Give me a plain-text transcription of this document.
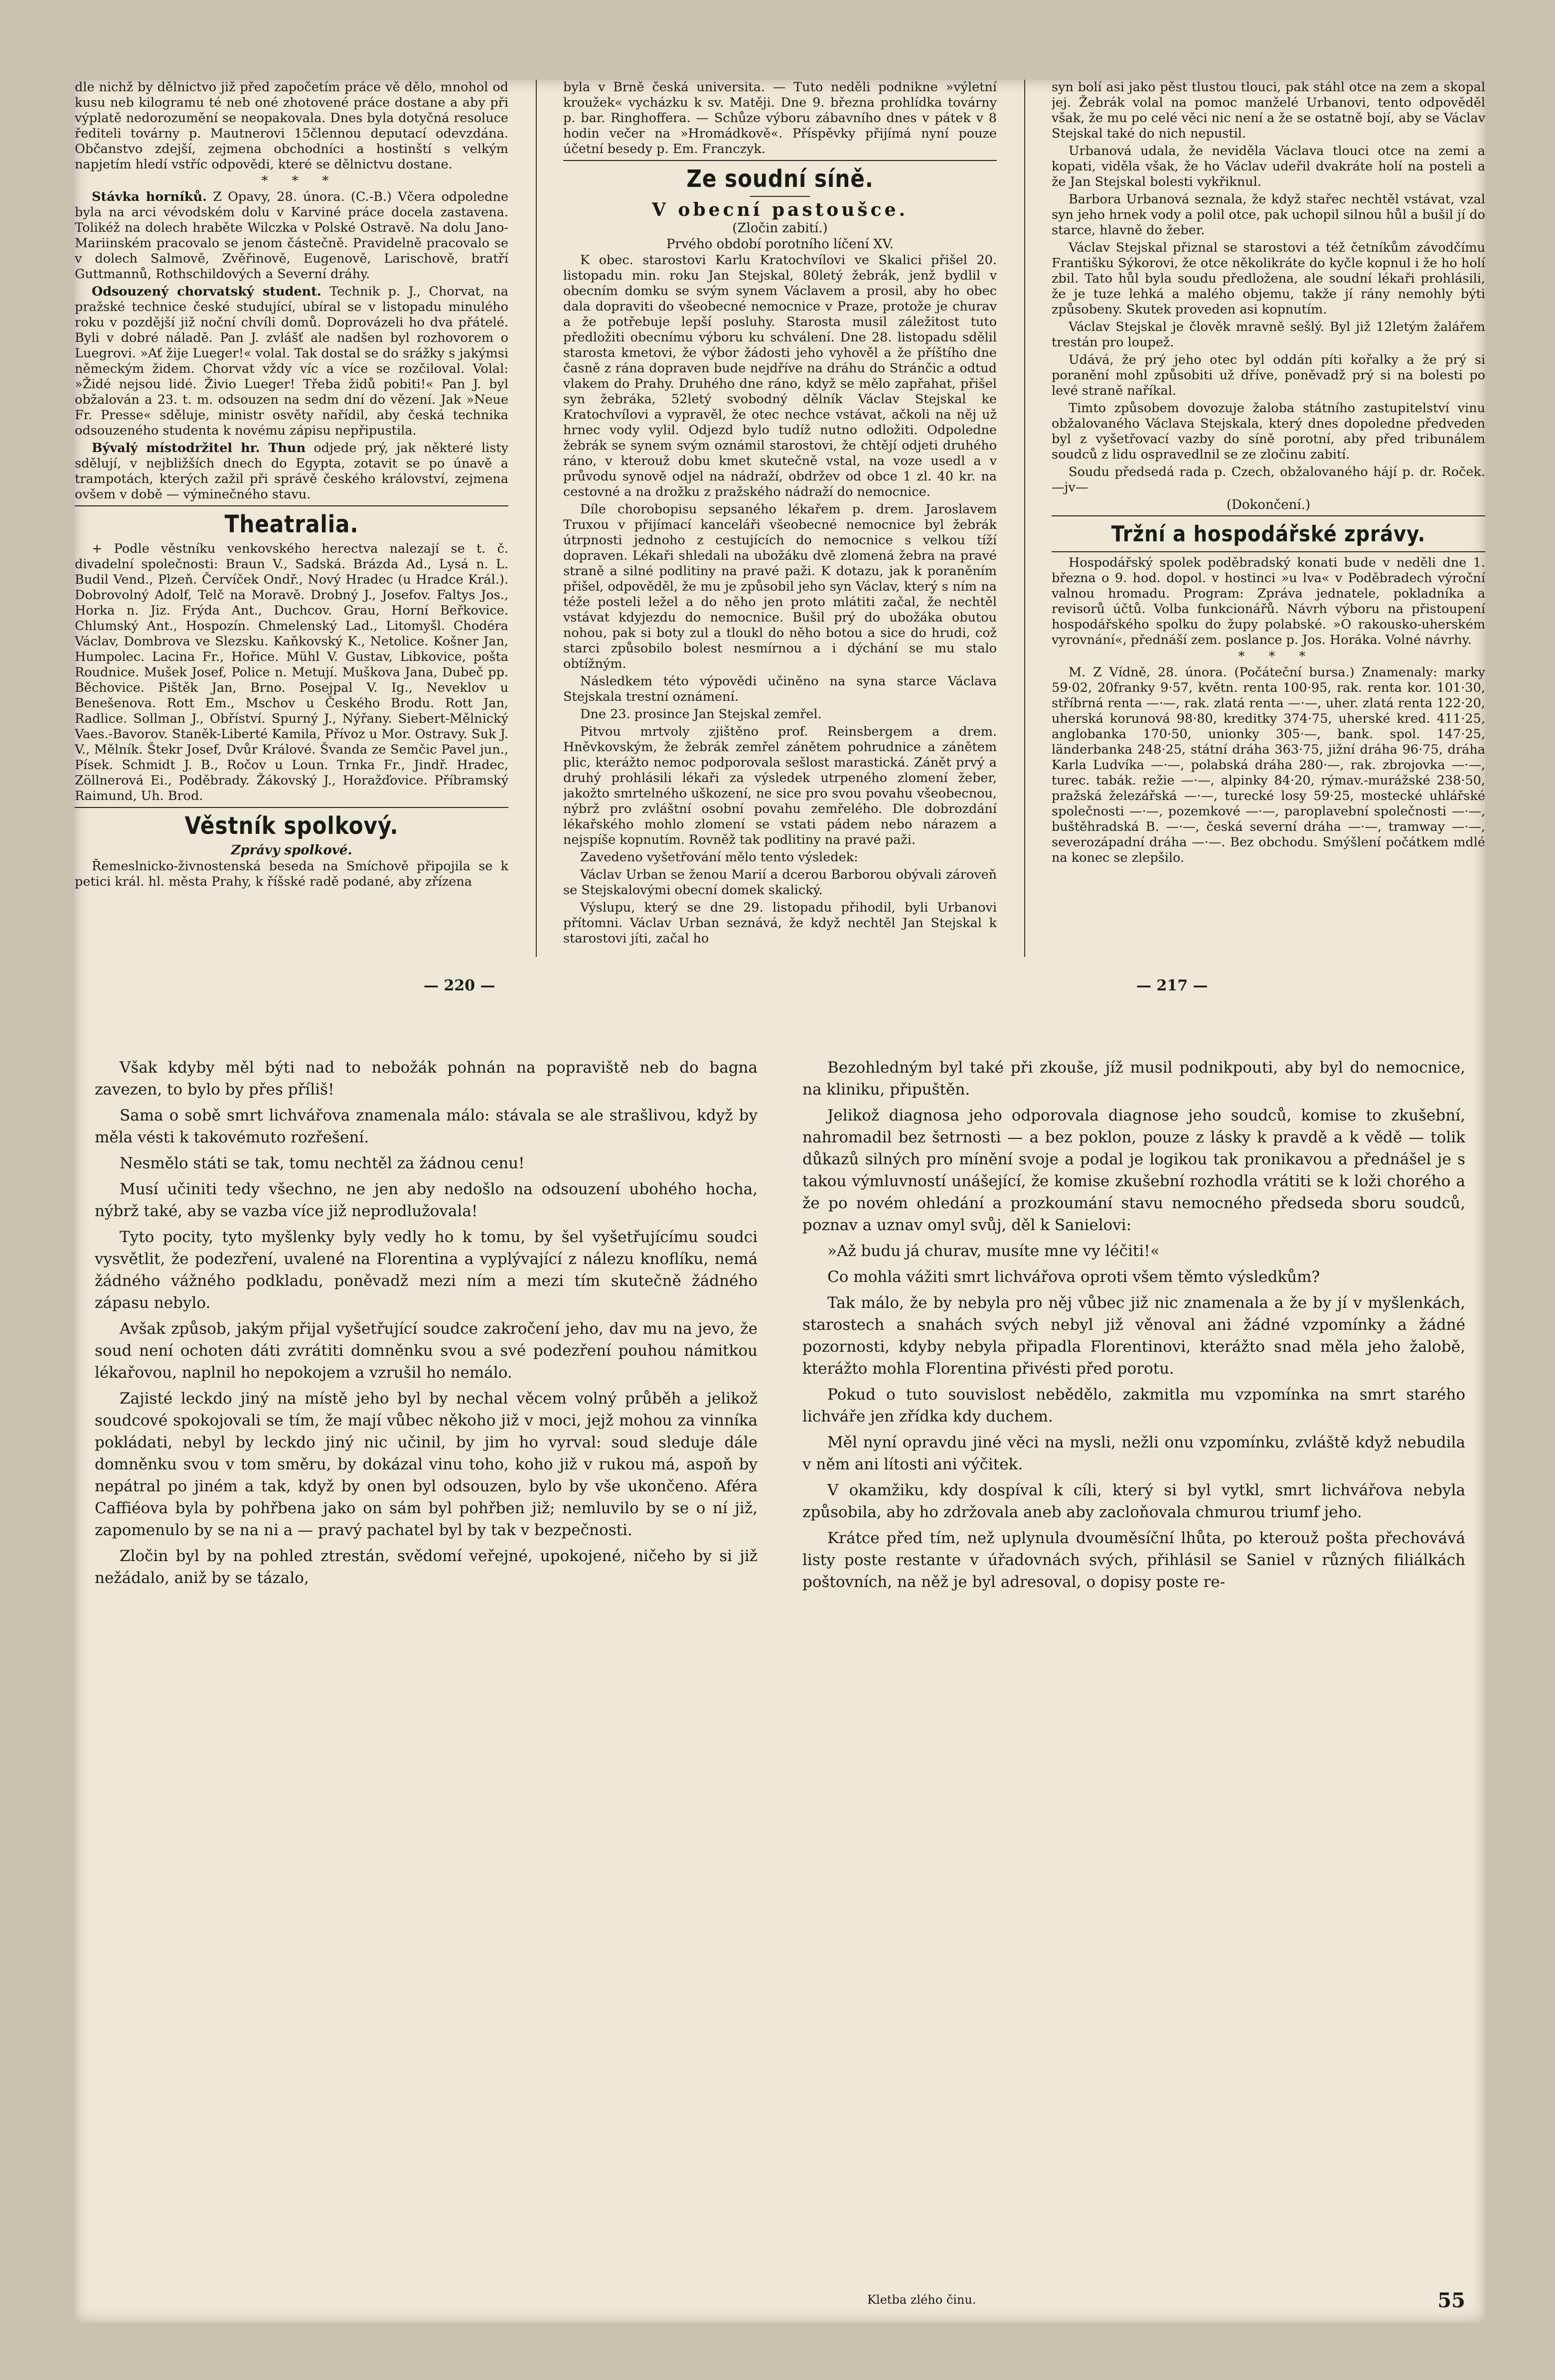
dle nichž by dělnictvo již před započetím práce vě dělo, mnohol od kusu neb kilogramu té neb oné zhotovené práce dostane a aby při výplatě nedorozumění se neopakovala. Dnes byla dotyčná resoluce řediteli továrny p. Mautnerovi 15člennou deputací odevzdána. Občanstvo zdejší, zejmena obchodníci a hostinští s velkým napjetím hledí vstříc odpovědi, které se dělnictvu dostane.

* * *

Stávka horníků. Z Opavy, 28. února. (C.-B.) Včera odpoledne byla na arci vévodském dolu v Karviné práce docela zastavena. Tolikéž na dolech hraběte Wilczka v Polské Ostravě. Na dolu Jano-Mariinském pracovalo se jenom částečně. Pravidelně pracovalo se v dolech Salmově, Zvěřinově, Eugenově, Larischově, bratří Guttmannů, Rothschildových a Severní dráhy.

Odsouzený chorvatský student. Technik p. J., Chorvat, na pražské technice české studující, ubíral se v listopadu minulého roku v pozdější již noční chvíli domů. Doprovázeli ho dva přátelé. Byli v dobré náladě. Pan J. zvlášť ale nadšen byl rozhovorem o Luegrovi. »Ať žije Lueger!« volal. Tak dostal se do srážky s jakýmsi německým židem. Chorvat vždy víc a více se rozčiloval. Volal: »Židé nejsou lidé. Živio Lueger! Třeba židů pobiti!« Pan J. byl obžalován a 23. t. m. odsouzen na sedm dní do vězení. Jak »Neue Fr. Presse« sděluje, ministr osvěty nařídil, aby česká technika odsouzeného studenta k novému zápisu nepřipustila.

Bývalý místodržitel hr. Thun odjede prý, jak některé listy sdělují, v nejbližších dnech do Egypta, zotavit se po únavě a trampotách, kterých zažil při správě českého království, zejmena ovšem v době — výminečného stavu.

Theatralia.

+ Podle věstníku venkovského herectva nalezají se t. č. divadelní společnosti: Braun V., Sadská. Brázda Ad., Lysá n. L. Budil Vend., Plzeň. Červíček Ondř., Nový Hradec (u Hradce Král.). Dobrovolný Adolf, Telč na Moravě. Drobný J., Josefov. Faltys Jos., Horka n. Jiz. Frýda Ant., Duchcov. Grau, Horní Beřkovice. Chlumský Ant., Hospozín. Chmelenský Lad., Litomyšl. Chodéra Václav, Dombrova ve Slezsku. Kaňkovský K., Netolice. Košner Jan, Humpolec. Lacina Fr., Hořice. Mühl V. Gustav, Libkovice, pošta Roudnice. Mušek Josef, Police n. Metují. Muškova Jana, Dubeč pp. Běchovice. Pištěk Jan, Brno. Posejpal V. Ig., Neveklov u Benešenova. Rott Em., Mschov u Českého Brodu. Rott Jan, Radlice. Sollman J., Obříství. Spurný J., Nýřany. Siebert-Mělnický Vaes.-Bavorov. Staněk-Liberté Kamila, Přívoz u Mor. Ostravy. Suk J. V., Mělník. Štekr Josef, Dvůr Králové. Švanda ze Semčic Pavel jun., Písek. Schmidt J. B., Ročov u Loun. Trnka Fr., Jindř. Hradec, Zöllnerová Ei., Poděbrady. Žákovský J., Horažďovice. Příbramský Raimund, Uh. Brod.

Věstník spolkový.
Zprávy spolkové.

Řemeslnicko-živnostenská beseda na Smíchově připojila se k petici král. hl. města Prahy, k říšské radě podané, aby zřízena

byla v Brně česká universita. — Tuto neděli podnikne »výletní kroužek« vycházku k sv. Matěji. Dne 9. března prohlídka továrny p. bar. Ringhoffera. — Schůze výboru zábavního dnes v pátek v 8 hodin večer na »Hromádkově«. Příspěvky přijímá nyní pouze účetní besedy p. Em. Franczyk.

Ze soudní síně.
V obecní pastoušce.
(Zločin zabití.)
Prvého období porotního líčení XV.

K obec. starostovi Karlu Kratochvílovi ve Skalici přišel 20. listopadu min. roku Jan Stejskal, 80letý žebrák, jenž bydlil v obecním domku se svým synem Václavem a prosil, aby ho obec dala dopraviti do všeobecné nemocnice v Praze, protože je churav a že potřebuje lepší posluhy. Starosta musil záležitost tuto předložiti obecnímu výboru ku schválení. Dne 28. listopadu sdělil starosta kmetovi, že výbor žádosti jeho vyhověl a že příštího dne časně z rána dopraven bude nejdříve na dráhu do Stránčic a odtud vlakem do Prahy. Druhého dne ráno, když se mělo zapřahat, přišel syn žebráka, 52letý svobodný dělník Václav Stejskal ke Kratochvílovi a vypravěl, že otec nechce vstávat, ačkoli na něj už hrnec vody vylil. Odjezd bylo tudíž nutno odložiti. Odpoledne žebrák se synem svým oznámil starostovi, že chtějí odjeti druhého ráno, v kterouž dobu kmet skutečně vstal, na voze usedl a v průvodu synově odjel na nádraží, obdržev od obce 1 zl. 40 kr. na cestovné a na drožku z pražského nádraží do nemocnice.

Díle chorobopisu sepsaného lékařem p. drem. Jaroslavem Truxou v přijímací kanceláři všeobecné nemocnice byl žebrák útrpnosti jednoho z cestujících do nemocnice s velkou tíží dopraven. Lékaři shledali na ubožáku dvě zlomená žebra na pravé straně a silné podlitiny na pravé paži. K dotazu, jak k poraněním přišel, odpověděl, že mu je způsobil jeho syn Václav, který s ním na téže posteli ležel a do něho jen proto mlátiti začal, že nechtěl vstávat kdyjezdu do nemocnice. Bušil prý do ubožáka obutou nohou, pak si boty zul a tloukl do něho botou a sice do hrudi, což starci způsobilo bolest nesmírnou a i dýchání se mu stalo obtížným.

Následkem této výpovědi učiněno na syna starce Václava Stejskala trestní oznámení.

Dne 23. prosince Jan Stejskal zemřel.

Pitvou mrtvoly zjištěno prof. Reinsbergem a drem. Hněvkovským, že žebrák zemřel zánětem pohrudnice a zánětem plic, kterážto nemoc podporovala sešlost marastická. Zánět prvý a druhý prohlásili lékaři za výsledek utrpeného zlomení žeber, jakožto smrtelného uškození, ne sice pro svou povahu všeobecnou, nýbrž pro zvláštní osobní povahu zemřelého. Dle dobrozdání lékařského mohlo zlomení se vstati pádem nebo nárazem a nejspíše kopnutím. Rovněž tak podlitiny na pravé paži.

Zavedeno vyšetřování mělo tento výsledek:

Václav Urban se ženou Marií a dcerou Barborou obývali zároveň se Stejskalovými obecní domek skalický.

Výslupu, který se dne 29. listopadu přihodil, byli Urbanovi přítomni. Václav Urban seznává, že když nechtěl Jan Stejskal k starostovi jíti, začal ho

syn bolí asi jako pěst tlustou tlouci, pak stáhl otce na zem a skopal jej. Žebrák volal na pomoc manželé Urbanovi, tento odpověděl však, že mu po celé věci nic není a že se ostatně bojí, aby se Václav Stejskal také do nich nepustil.

Urbanová udala, že neviděla Václava tlouci otce na zemi a kopati, viděla však, že ho Václav udeřil dvakráte holí na posteli a že Jan Stejskal bolesti vykřiknul.

Barbora Urbanová seznala, že když stařec nechtěl vstávat, vzal syn jeho hrnek vody a polil otce, pak uchopil silnou hůl a bušil jí do starce, hlavně do žeber.

Václav Stejskal přiznal se starostovi a též četníkům závodčímu Františku Sýkorovi, že otce několikráte do kyčle kopnul i že ho holí zbil. Tato hůl byla soudu předložena, ale soudní lékaři prohlásili, že je tuze lehká a malého objemu, takže jí rány nemohly býti způsobeny. Skutek proveden asi kopnutím.

Václav Stejskal je člověk mravně sešlý. Byl již 12letým žalářem trestán pro loupež.

Udává, že prý jeho otec byl oddán píti kořalky a že prý si poranění mohl způsobiti už dříve, poněvadž prý si na bolesti po levé straně naříkal.

Timto způsobem dovozuje žaloba státního zastupitelství vinu obžalovaného Václava Stejskala, který dnes dopoledne předveden byl z vyšetřovací vazby do síně porotní, aby před tribunálem soudců z lidu ospravedlnil se ze zločinu zabití.

Soudu předsedá rada p. Czech, obžalovaného hájí p. dr. Roček. —jv—

(Dokončení.)
Tržní a hospodářské zprávy.

Hospodářský spolek poděbradský konati bude v neděli dne 1. března o 9. hod. dopol. v hostinci »u lva« v Poděbradech výroční valnou hromadu. Program: Zpráva jednatele, pokladníka a revisorů účtů. Volba funkcionářů. Návrh výboru na přistoupení hospodářského spolku do župy polabské. »O rakousko-uherském vyrovnání«, přednáší zem. poslance p. Jos. Horáka. Volné návrhy.

* * *

M. Z Vídně, 28. února. (Počáteční bursa.) Znamenaly: marky 59·02, 20franky 9·57, květn. renta 100·95, rak. renta kor. 101·30, stříbrná renta —·—, rak. zlatá renta —·—, uher. zlatá renta 122·20, uherská korunová 98·80, kreditky 374·75, uherské kred. 411·25, anglobanka 170·50, unionky 305·—, bank. spol. 147·25, länderbanka 248·25, státní dráha 363·75, jižní dráha 96·75, dráha Karla Ludvíka —·—, polabská dráha 280·—, rak. zbrojovka —·—, turec. tabák. režie —·—, alpinky 84·20, rýmav.-murážské 238·50, pražská železářská —·—, turecké losy 59·25, mostecké uhlářské společnosti —·—, pozemkové —·—, paroplavební společnosti —·—, buštěhradská B. —·—, česká severní dráha —·—, tramway —·—, severozápadní dráha —·—. Bez obchodu. Smýšlení počátkem mdlé na konec se zlepšilo.

— 220 —	— 217 —

Však kdyby měl býti nad to nebožák pohnán na popraviště neb do bagna zavezen, to bylo by přes příliš!

Sama o sobě smrt lichvářova znamenala málo: stávala se ale strašlivou, když by měla vésti k takovémuto rozřešení.

Nesmělo státi se tak, tomu nechtěl za žádnou cenu!

Musí učiniti tedy všechno, ne jen aby nedošlo na odsouzení ubohého hocha, nýbrž také, aby se vazba více již neprodlužovala!

Tyto pocity, tyto myšlenky byly vedly ho k tomu, by šel vyšetřujícímu soudci vysvětlit, že podezření, uvalené na Florentina a vyplývající z nálezu knoflíku, nemá žádného vážného podkladu, poněvadž mezi ním a mezi tím skutečně žádného zápasu nebylo.

Avšak způsob, jakým přijal vyšetřující soudce zakročení jeho, dav mu na jevo, že soud není ochoten dáti zvrátiti domněnku svou a své podezření pouhou námitkou lékařovou, naplnil ho nepokojem a vzrušil ho nemálo.

Zajisté leckdo jiný na místě jeho byl by nechal věcem volný průběh a jelikož soudcové spokojovali se tím, že mají vůbec někoho již v moci, jejž mohou za vinníka pokládati, nebyl by leckdo jiný nic učinil, by jim ho vyrval: soud sleduje dále domněnku svou v tom směru, by dokázal vinu toho, koho již v rukou má, aspoň by nepátral po jiném a tak, když by onen byl odsouzen, bylo by vše ukončeno. Aféra Caffiéova byla by pohřbena jako on sám byl pohřben již; nemluvilo by se o ní již, zapomenulo by se na ni a — pravý pachatel byl by tak v bezpečnosti.

Zločin byl by na pohled ztrestán, svědomí veřejné, upokojené, ničeho by si již nežádalo, aniž by se tázalo,

Bezohledným byl také při zkouše, jíž musil podnikpouti, aby byl do nemocnice, na kliniku, připuštěn.

Jelikož diagnosa jeho odporovala diagnose jeho soudců, komise to zkušební, nahromadil bez šetrnosti — a bez poklon, pouze z lásky k pravdě a k vědě — tolik důkazů silných pro mínění svoje a podal je logikou tak pronikavou a přednášel je s takou výmluvností unášející, že komise zkušební rozhodla vrátiti se k loži chorého a že po novém ohledání a prozkoumání stavu nemocného předseda sboru soudců, poznav a uznav omyl svůj, děl k Sanielovi:

»Až budu já churav, musíte mne vy léčiti!«

Co mohla vážiti smrt lichvářova oproti všem těmto výsledkům?

Tak málo, že by nebyla pro něj vůbec již nic znamenala a že by jí v myšlenkách, starostech a snahách svých nebyl již věnoval ani žádné vzpomínky a žádné pozornosti, kdyby nebyla připadla Florentinovi, kterážto snad měla jeho žalobě, kterážto mohla Florentina přivésti před porotu.

Pokud o tuto souvislost nebědělo, zakmitla mu vzpomínka na smrt starého lichváře jen zřídka kdy duchem.

Měl nyní opravdu jiné věci na mysli, nežli onu vzpomínku, zvláště když nebudila v něm ani lítosti ani výčitek.

V okamžiku, kdy dospíval k cíli, který si byl vytkl, smrt lichvářova nebyla způsobila, aby ho zdržovala aneb aby zacloňovala chmurou triumf jeho.

Krátce před tím, než uplynula dvouměsíční lhůta, po kterouž pošta přechovává listy poste restante v úřadovnách svých, přihlásil se Saniel v různých filiálkách poštovních, na něž je byl adresoval, o dopisy poste re-

Kletba zlého činu.	55
